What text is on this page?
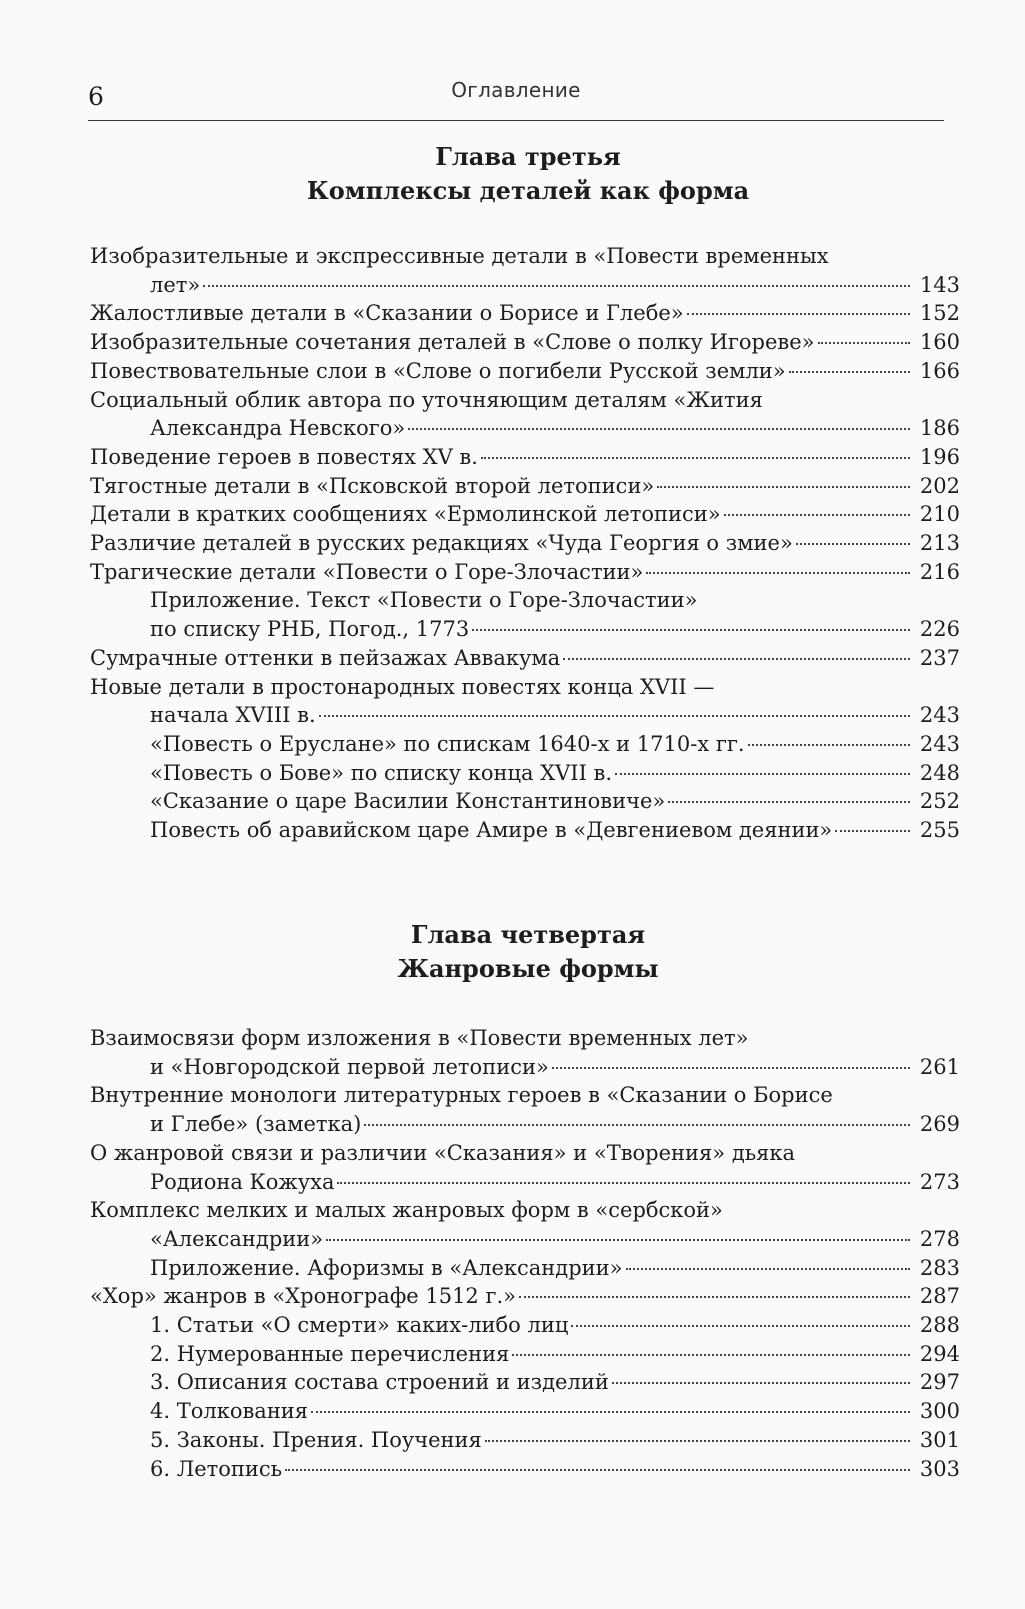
6	Оглавление
Глава третья
Комплексы деталей как форма
Изобразительные и экспрессивные детали в «Повести временных
лет»	143
Жалостливые детали в «Сказании о Борисе и Глебе»	152
Изобразительные сочетания деталей в «Слове о полку Игореве»	160
Повествовательные слои в «Слове о погибели Русской земли»	166
Социальный облик автора по уточняющим деталям «Жития
Александра Невского»	186
Поведение героев в повестях XV в.	196
Тягостные детали в «Псковской второй летописи»	202
Детали в кратких сообщениях «Ермолинской летописи»	210
Различие деталей в русских редакциях «Чуда Георгия о змие»	213
Трагические детали «Повести о Горе-Злочастии»	216
Приложение. Текст «Повести о Горе-Злочастии»
по списку РНБ, Погод., 1773	226
Сумрачные оттенки в пейзажах Аввакума	237
Новые детали в простонародных повестях конца XVII —
начала XVIII в.	243
«Повесть о Еруслане» по спискам 1640-х и 1710-х гг.	243
«Повесть о Бове» по списку конца XVII в.	248
«Сказание о царе Василии Константиновиче»	252
Повесть об аравийском царе Амире в «Девгениевом деянии»	255
Глава четвертая
Жанровые формы
Взаимосвязи форм изложения в «Повести временных лет»
и «Новгородской первой летописи»	261
Внутренние монологи литературных героев в «Сказании о Борисе
и Глебе» (заметка)	269
О жанровой связи и различии «Сказания» и «Творения» дьяка
Родиона Кожуха	273
Комплекс мелких и малых жанровых форм в «сербской»
«Александрии»	278
Приложение. Афоризмы в «Александрии»	283
«Хор» жанров в «Хронографе 1512 г.»	287
1. Статьи «О смерти» каких-либо лиц	288
2. Нумерованные перечисления	294
3. Описания состава строений и изделий	297
4. Толкования	300
5. Законы. Прения. Поучения	301
6. Летопись	303
